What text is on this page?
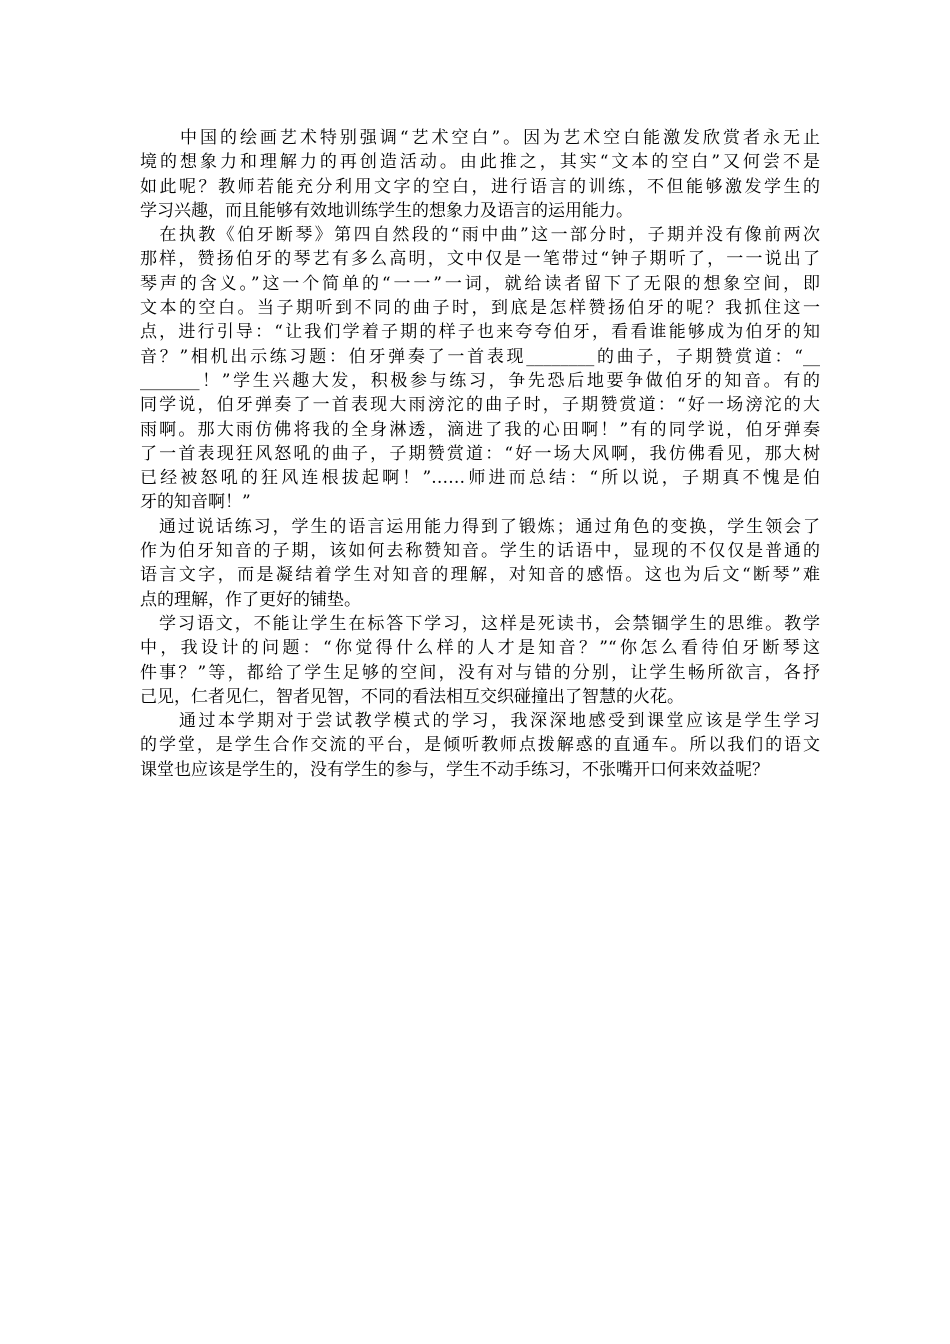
　　中国的绘画艺术特别强调“艺术空白”。因为艺术空白能激发欣赏者永无止
境的想象力和理解力的再创造活动。由此推之，其实“文本的空白”又何尝不是
如此呢？教师若能充分利用文字的空白，进行语言的训练，不但能够激发学生的
学习兴趣，而且能够有效地训练学生的想象力及语言的运用能力。
　在执教《伯牙断琴》第四自然段的“雨中曲”这一部分时，子期并没有像前两次
那样，赞扬伯牙的琴艺有多么高明，文中仅是一笔带过“钟子期听了，一一说出了
琴声的含义。”这一个简单的“一一”一词，就给读者留下了无限的想象空间，即
文本的空白。当子期听到不同的曲子时，到底是怎样赞扬伯牙的呢？我抓住这一
点，进行引导：“让我们学着子期的样子也来夸夸伯牙，看看谁能够成为伯牙的知
音？”相机出示练习题：伯牙弹奏了一首表现________的曲子，子期赞赏道：“__
_______！”学生兴趣大发，积极参与练习，争先恐后地要争做伯牙的知音。有的
同学说，伯牙弹奏了一首表现大雨滂沱的曲子时，子期赞赏道：“好一场滂沱的大
雨啊。那大雨仿佛将我的全身淋透，滴进了我的心田啊！”有的同学说，伯牙弹奏
了一首表现狂风怒吼的曲子，子期赞赏道：“好一场大风啊，我仿佛看见，那大树
已经被怒吼的狂风连根拔起啊！”……师进而总结：“所以说，子期真不愧是伯
牙的知音啊！”
　通过说话练习，学生的语言运用能力得到了锻炼；通过角色的变换，学生领会了
作为伯牙知音的子期，该如何去称赞知音。学生的话语中，显现的不仅仅是普通的
语言文字，而是凝结着学生对知音的理解，对知音的感悟。这也为后文“断琴”难
点的理解，作了更好的铺垫。
　学习语文，不能让学生在标答下学习，这样是死读书，会禁锢学生的思维。教学
中，我设计的问题：“你觉得什么样的人才是知音？”“你怎么看待伯牙断琴这
件事？”等，都给了学生足够的空间，没有对与错的分别，让学生畅所欲言，各抒
己见，仁者见仁，智者见智，不同的看法相互交织碰撞出了智慧的火花。
　　通过本学期对于尝试教学模式的学习，我深深地感受到课堂应该是学生学习
的学堂，是学生合作交流的平台，是倾听教师点拨解惑的直通车。所以我们的语文
课堂也应该是学生的，没有学生的参与，学生不动手练习，不张嘴开口何来效益呢？
